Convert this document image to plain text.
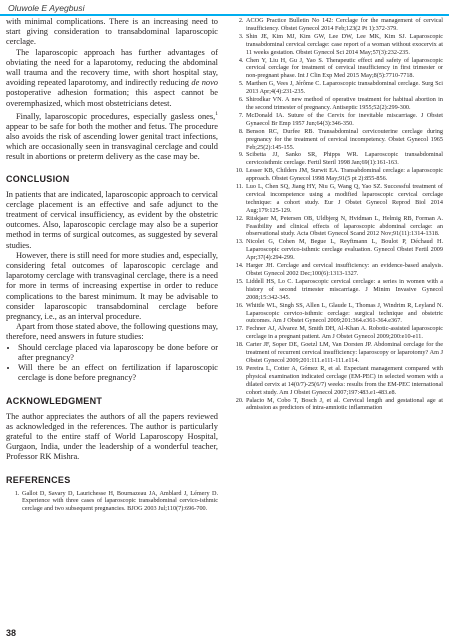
Oluwole E Ayegbusi

with minimal complications. There is an increasing need to start giving consideration to transabdominal laparoscopic cerclage.

The laparoscopic approach has further advantages of obviating the need for a laparotomy, reducing the abdominal wall trauma and the recovery time, with short hospital stay, avoiding repeated laparotomy, and indirectly reducing de novo postoperative adhesion formation; this aspect cannot be overemphasized, which most obstetricians detest.

Finally, laparoscopic procedures, especially gasless ones,$^1$ appear to be safe for both the mother and fetus. The procedure also avoids the risk of ascending lower genital tract infections, which are occasionally seen in transvaginal cerclage and could result in abortions or preterm delivery as the case may be.

CONCLUSION

In patients that are indicated, laparoscopic approach to cervical cerclage placement is an effective and safe adjunct to the treatment of cervical insufficiency, as evident by the obstetric outcomes. Also, laparoscopic cerclage may also be a superior method in terms of surgical outcomes, as suggested by several studies.

However, there is still need for more studies and, especially, considering fetal outcomes of laparoscopic cerclage and laparotomy cerclage with transvaginal cerclage, there is a need for more in terms of increasing expertise in order to reduce complications to the barest minimum. It may be advisable to consider laparoscopic transabdominal cerclage before pregnancy, i.e., as an interval procedure.

Apart from those stated above, the following questions may, therefore, need answers in future studies:

• Should cerclage placed via laparoscopy be done before or after pregnancy?
• Will there be an effect on fertilization if laparoscopic cerclage is done before pregnancy?
ACKNOWLEDGMENT

The author appreciates the authors of all the papers reviewed as acknowledged in the references. The author is particularly grateful to the entire staff of World Laparoscopy Hospital, Gurgaon, India, under the leadership of a wonderful teacher, Professor RK Mishra.

REFERENCES
1. Gallot D, Savary D, Laurichesse H, Bournazeau JA, Amblard J, Lémery D. Experience with three cases of laparoscopic transabdominal cervico-isthmic cerclage and two subsequent pregnancies. BJOG 2003 Jul;110(7):696-700.
2. ACOG Practice Bulletin No 142: Cerclage for the management of cervical insufficiency. Obstet Gynecol 2014 Feb;123(2 Pt 1):372-379.
3. Shin JE, Kim MJ, Kim GW, Lee DW, Lee MK, Kim SJ. Laparoscopic transabdominal cervical cerclage: case report of a woman without exocervix at 11 weeks gestation. Obstet Gynecol Sci 2014 May;57(3):232-235.
4. Chen Y, Liu H, Gu J, Yao S. Therapeutic effect and safety of laparoscopic cervical cerclage for treatment of cervical insufficiency in first trimester or non-pregnant phase. Int J Clin Exp Med 2015 May;8(5):7710-7718.
5. Marthen G, Vees J, Jérôme C. Laparoscopic transabdominal cerclage. Surg Sci 2013 Apr;4(4):231-235.
6. Shirodkar VN. A new method of operative treatment for habitual abortion in the second trimester of pregnancy. Antiseptic 1955;52(2):299-300.
7. McDonald IA. Suture of the Cervix for inevitable miscarriage. J Obstet Gynaecol Br Emp 1957 Jun;64(3):346-350.
8. Benson RC, Durfee RB. Transabdominal cervicouterine cerclage during pregnancy for the treatment of cervical incompetency. Obstet Gynecol 1965 Feb;25(2):145-155.
9. Scibetta JJ, Sanko SR, Phipps WR. Laparoscopic transabdominal cervicoisthmic cerclage. Fertil Steril 1998 Jan;69(1):161-163.
10. Lesser KB, Childers JM, Surwit EA. Transabdominal cerclage: a laparoscopic approach. Obstet Gynecol 1998 May;91(5 pt 2):855-856.
11. Luo L, Chen SQ, Jiang HY, Niu G, Wang Q, Yao SZ. Successful treatment of cervical incompetence using a modified laparoscopic cervical cerclage technique: a cohort study. Eur J Obstet Gynecol Reprod Biol 2014 Aug;179:125-129.
12. Riiskjaer M, Petersen OB, Uldbjerg N, Hvidman L, Helmig RB, Forman A. Feasibility and clinical effects of laparoscopic abdominal cerclage: an observational study. Acta Obstet Gynecol Scand 2012 Nov;91(11):1314-1318.
13. Nicolet G, Cohen M, Begue L, Reyftmann L, Boulot P, Déchaud H. Laparoscopic cervico-isthmic cerclage evaluation. Gynecol Obstet Fertil 2009 Apr;37(4):294-299.
14. Harger JH. Cerclage and cervical insufficiency: an evidence-based analysis. Obstet Gynecol 2002 Dec;100(6):1313-1327.
15. Liddell HS, Lo C. Laparoscopic cervical cerclage: a series in women with a history of second trimester miscarriage. J Minim Invasive Gynecol 2008;15:342-345.
16. Whittle WL, Singh SS, Allen L, Glaude L, Thomas J, Windrim R, Leyland N. Laparoscopic cervico-isthmic cerclage: surgical technique and obstetric outcomes. Am J Obstet Gynecol 2009;201:364.e361-364.e367.
17. Fechner AJ, Alvarez M, Smith DH, Al-Khan A. Robotic-assisted laparoscopic cerclage in a pregnant patient. Am J Obstet Gynecol 2009;200:e10-e11.
18. Carter JF, Soper DE, Goetzl LM, Van Dorsten JP. Abdominal cerclage for the treatment of recurrent cervical insufficiency: laparoscopy or laparotomy? Am J Obstet Gynecol 2009;201:111.e111-111.e114.
19. Pereira L, Cotter A, Gómez R, et al. Expectant management compared with physical examination indicated cerclage (EM-PEC) in selected women with a dilated cervix at 14(0/7)-25(6/7) weeks: results from the EM-PEC international cohort study. Am J Obstet Gynecol 2007;197:483.e1-483.e8.
20. Palacio M, Cobo T, Bosch J, et al. Cervical length and gestational age at admission as predictors of intra-amniotic inflammation
38
